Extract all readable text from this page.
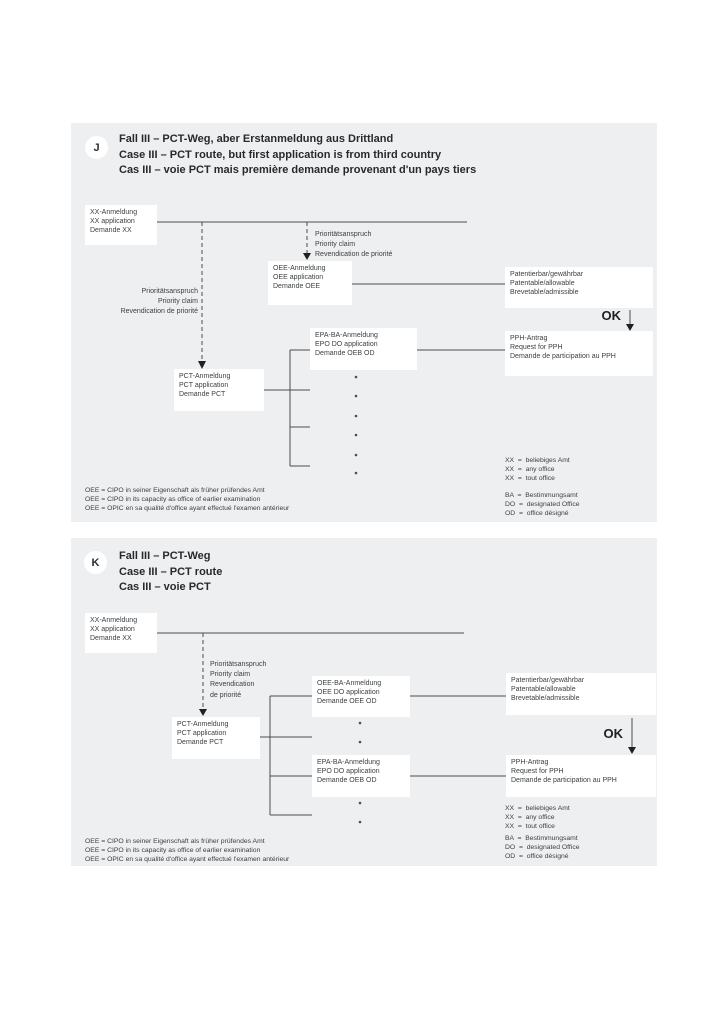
J
Fall III – PCT-Weg, aber Erstanmeldung aus Drittland
Case III – PCT route, but first application is from third country
Cas III – voie PCT mais première demande provenant d'un pays tiers
XX-Anmeldung
XX application
Demande XX
Prioritätsanspruch
Priority claim
Revendication de priorité
Prioritätsanspruch
Priority claim
Revendication de priorité
OEE-Anmeldung
OEE application
Demande OEE
Patentierbar/gewährbar
Patentable/allowable
Brevetable/admissible
OK
PPH-Antrag
Request for PPH
Demande de participation au PPH
EPA-BA-Anmeldung
EPO DO application
Demande OEB OD
PCT-Anmeldung
PCT application
Demande PCT
XX  =  beliebiges Amt
XX  =  any office
XX  =  tout office
BA  =  Bestimmungsamt
DO  =  designated Office
OD  =  office désigné
OEE = CIPO in seiner Eigenschaft als früher prüfendes Amt
OEE = CIPO in its capacity as office of earlier examination
OEE = OPIC en sa qualité d'office ayant effectué l'examen antérieur
K
Fall III – PCT-Weg
Case III – PCT route
Cas III – voie PCT
XX-Anmeldung
XX application
Demande XX
Prioritätsanspruch
Priority claim
Revendication
de priorité
PCT-Anmeldung
PCT application
Demande PCT
OEE-BA-Anmeldung
OEE DO application
Demande OEE OD
EPA-BA-Anmeldung
EPO DO application
Demande OEB OD
Patentierbar/gewährbar
Patentable/allowable
Brevetable/admissible
OK
PPH-Antrag
Request for PPH
Demande de participation au PPH
XX  =  beliebiges Amt
XX  =  any office
XX  =  tout office
BA  =  Bestimmungsamt
DO  =  designated Office
OD  =  office désigné
OEE = CIPO in seiner Eigenschaft als früher prüfendes Amt
OEE = CIPO in its capacity as office of earlier examination
OEE = OPIC en sa qualité d'office ayant effectué l'examen antérieur
